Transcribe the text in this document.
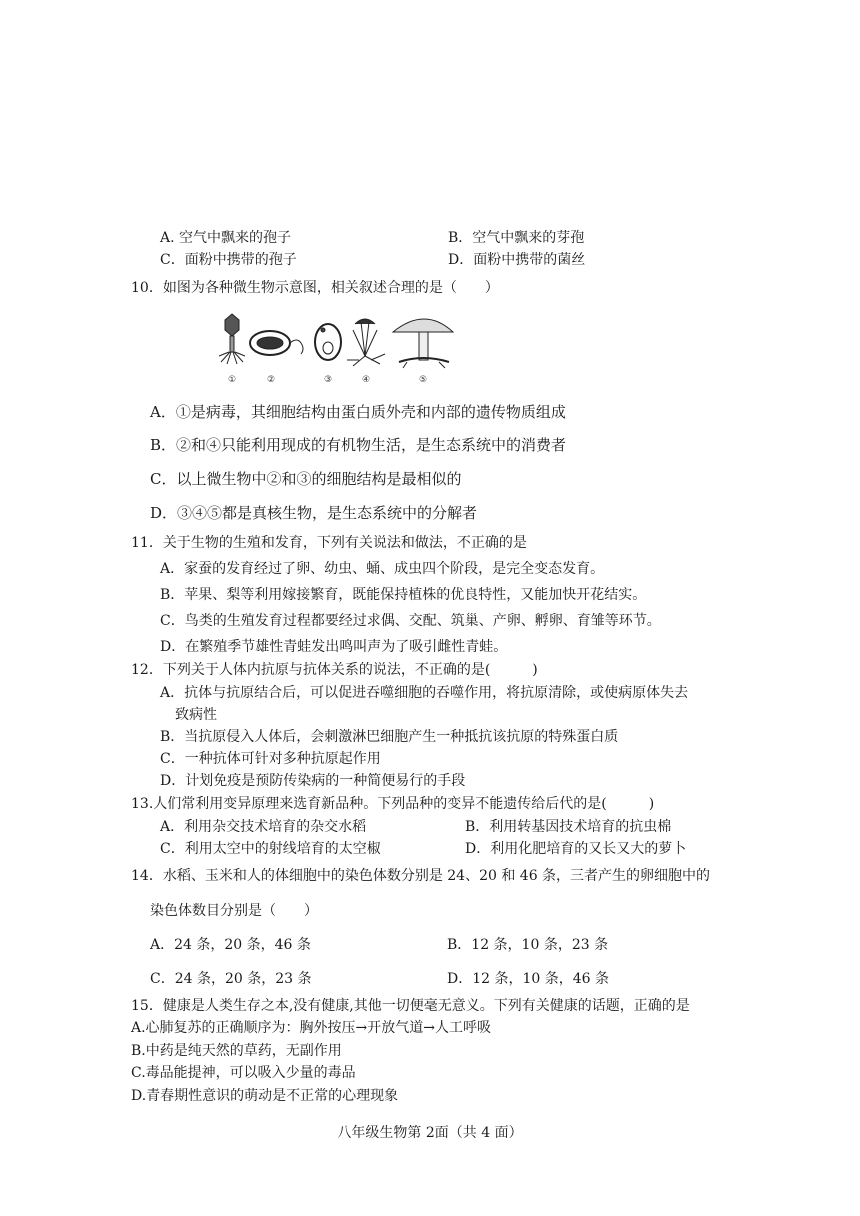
A. 空气中飘来的孢子	B．空气中飘来的芽孢
C．面粉中携带的孢子	D．面粉中携带的菌丝
10．如图为各种微生物示意图，相关叙述合理的是（　　）
①	②	③	④	⑤
A．①是病毒，其细胞结构由蛋白质外壳和内部的遗传物质组成
B．②和④只能利用现成的有机物生活，是生态系统中的消费者
C．以上微生物中②和③的细胞结构是最相似的
D．③④⑤都是真核生物，是生态系统中的分解者
11．关于生物的生殖和发育，下列有关说法和做法，不正确的是
A．家蚕的发育经过了卵、幼虫、蛹、成虫四个阶段，是完全变态发育。
B．苹果、梨等利用嫁接繁育，既能保持植株的优良特性，又能加快开花结实。
C．鸟类的生殖发育过程都要经过求偶、交配、筑巢、产卵、孵卵、育雏等环节。
D．在繁殖季节雄性青蛙发出鸣叫声为了吸引雌性青蛙。
12．下列关于人体内抗原与抗体关系的说法，不正确的是(　　　)
A．抗体与抗原结合后，可以促进吞噬细胞的吞噬作用，将抗原清除，或使病原体失去
致病性
B．当抗原侵入人体后，会刺激淋巴细胞产生一种抵抗该抗原的特殊蛋白质
C．一种抗体可针对多种抗原起作用
D．计划免疫是预防传染病的一种简便易行的手段
13.人们常利用变异原理来选育新品种。下列品种的变异不能遗传给后代的是(　　　)
A．利用杂交技术培育的杂交水稻	B．利用转基因技术培育的抗虫棉
C．利用太空中的射线培育的太空椒	D．利用化肥培育的又长又大的萝卜
14．水稻、玉米和人的体细胞中的染色体数分别是 24、20 和 46 条，三者产生的卵细胞中的
染色体数目分别是（　　）
A．24 条，20 条，46 条	B．12 条，10 条，23 条
C．24 条，20 条，23 条	D．12 条，10 条，46 条
15．健康是人类生存之本,没有健康,其他一切便毫无意义。下列有关健康的话题，正确的是
A.心肺复苏的正确顺序为：胸外按压→开放气道→人工呼吸
B.中药是纯天然的草药，无副作用
C.毒品能提神，可以吸入少量的毒品
D.青春期性意识的萌动是不正常的心理现象
八年级生物第 2面（共 4 面）
